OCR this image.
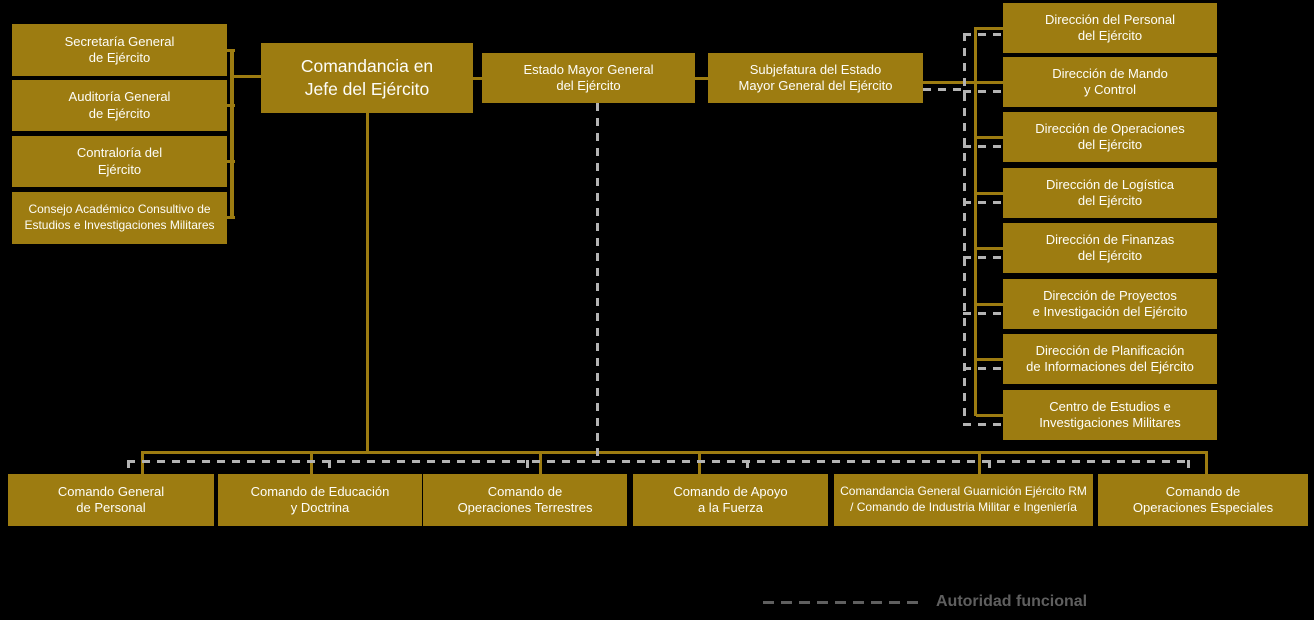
Secretaría General
de Ejército
Auditoría General
de Ejército
Contraloría del
Ejército
Consejo Académico Consultivo de
Estudios e Investigaciones Militares
Comandancia en
Jefe del Ejército
Estado Mayor General
del Ejército
Subjefatura del Estado
Mayor General del Ejército
Dirección del Personal
del Ejército
Dirección de Mando
y Control
Dirección de Operaciones
del Ejército
Dirección de Logística
del Ejército
Dirección de Finanzas
del Ejército
Dirección de Proyectos
e Investigación del Ejército
Dirección de Planificación
de Informaciones del Ejército
Centro de Estudios e
Investigaciones Militares
Comando General
de Personal
Comando de Educación
y Doctrina
Comando de
Operaciones Terrestres
Comando de Apoyo
a la Fuerza
Comandancia General Guarnición Ejército RM
/ Comando de Industria Militar e Ingeniería
Comando de
Operaciones Especiales
Autoridad funcional
